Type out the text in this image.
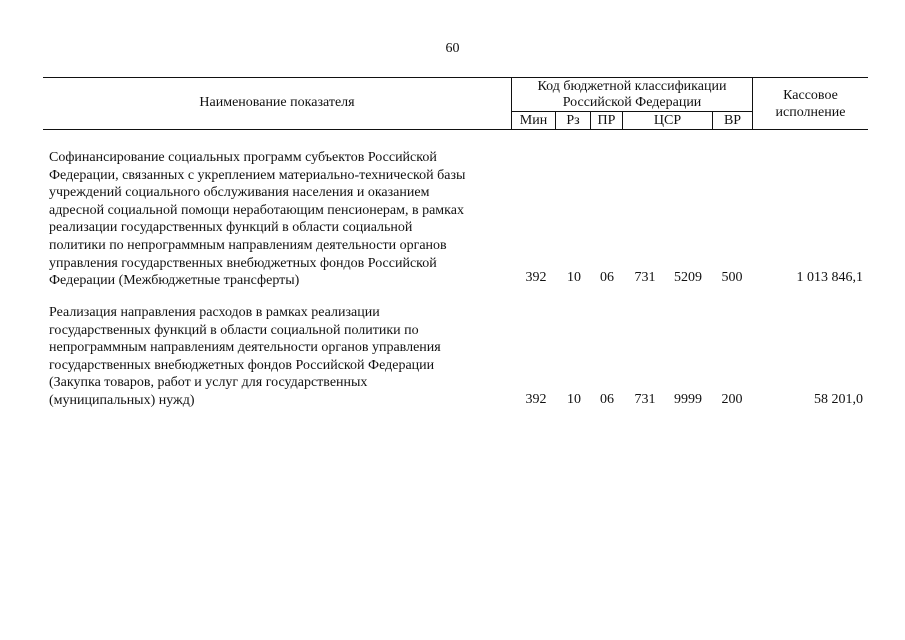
60
Наименование показателя
Код бюджетной классификации
Российской Федерации
Мин	Рз	ПР	ЦСР	ВР
Кассовое
исполнение
Софинансирование социальных программ субъектов Российской
Федерации, связанных с укреплением материально-технической базы
учреждений социального обслуживания населения и оказанием
адресной социальной помощи неработающим пенсионерам, в рамках
реализации государственных функций в области социальной
политики по непрограммным направлениям деятельности органов
управления государственных внебюджетных фондов Российской
Федерации (Межбюджетные трансферты)	392	10	06	731	5209	500	1 013 846,1
Реализация направления расходов в рамках реализации
государственных функций в области социальной политики по
непрограммным направлениям деятельности органов управления
государственных внебюджетных фондов Российской Федерации
(Закупка товаров, работ и услуг для государственных
(муниципальных) нужд)	392	10	06	731	9999	200	58 201,0
